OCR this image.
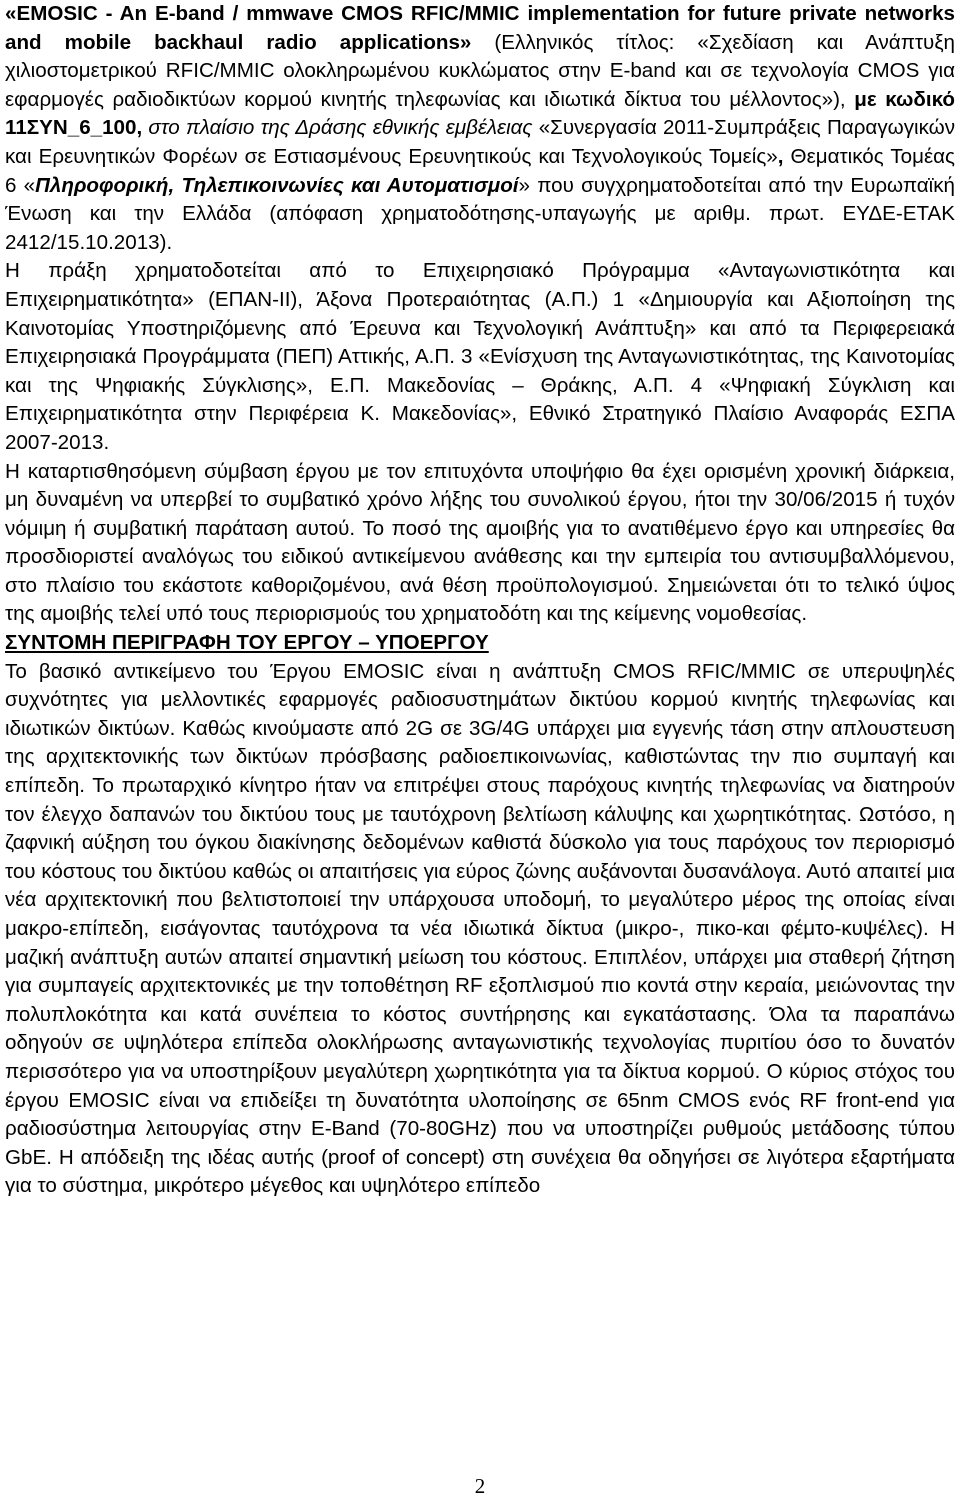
«EMOSIC - An E-band / mmwave CMOS RFIC/MMIC implementation for future private networks and mobile backhaul radio applications» (Ελληνικός τίτλος: «Σχεδίαση και Ανάπτυξη χιλιοστομετρικού RFIC/MMIC ολοκληρωμένου κυκλώματος στην E-band και σε τεχνολογία CMOS για εφαρμογές ραδιοδικτύων κορμού κινητής τηλεφωνίας και ιδιωτικά δίκτυα του μέλλοντος»), με κωδικό 11ΣΥΝ_6_100, στο πλαίσιο της Δράσης εθνικής εμβέλειας «Συνεργασία 2011-Συμπράξεις Παραγωγικών και Ερευνητικών Φορέων σε Εστιασμένους Ερευνητικούς και Τεχνολογικούς Τομείς», Θεματικός Τομέας 6 «Πληροφορική, Τηλεπικοινωνίες και Αυτοματισμοί» που συγχρηματοδοτείται από την Ευρωπαϊκή Ένωση και την Ελλάδα (απόφαση χρηματοδότησης-υπαγωγής με αριθμ. πρωτ. ΕΥΔΕ-ΕΤΑΚ 2412/15.10.2013).

Η πράξη χρηματοδοτείται από το Επιχειρησιακό Πρόγραμμα «Ανταγωνιστικότητα και Επιχειρηματικότητα» (ΕΠΑΝ-ΙΙ), Άξονα Προτεραιότητας (Α.Π.) 1 «Δημιουργία και Αξιοποίηση της Καινοτομίας Υποστηριζόμενης από Έρευνα και Τεχνολογική Ανάπτυξη» και από τα Περιφερειακά Επιχειρησιακά Προγράμματα (ΠΕΠ) Αττικής, Α.Π. 3 «Ενίσχυση της Ανταγωνιστικότητας, της Καινοτομίας και της Ψηφιακής Σύγκλισης», Ε.Π. Μακεδονίας – Θράκης, Α.Π. 4 «Ψηφιακή Σύγκλιση και Επιχειρηματικότητα στην Περιφέρεια Κ. Μακεδονίας», Εθνικό Στρατηγικό Πλαίσιο Αναφοράς ΕΣΠΑ 2007-2013.

Η καταρτισθησόμενη σύμβαση έργου με τον επιτυχόντα υποψήφιο θα έχει ορισμένη χρονική διάρκεια, μη δυναμένη να υπερβεί το συμβατικό χρόνο λήξης του συνολικού έργου, ήτοι την 30/06/2015 ή τυχόν νόμιμη ή συμβατική παράταση αυτού. Το ποσό της αμοιβής για το ανατιθέμενο έργο και υπηρεσίες θα προσδιοριστεί αναλόγως του ειδικού αντικείμενου ανάθεσης και την εμπειρία του αντισυμβαλλόμενου, στο πλαίσιο του εκάστοτε καθοριζομένου, ανά θέση προϋπολογισμού. Σημειώνεται ότι το τελικό ύψος της αμοιβής τελεί υπό τους περιορισμούς του χρηματοδότη και της κείμενης νομοθεσίας.

ΣΥΝΤΟΜΗ ΠΕΡΙΓΡΑΦΗ ΤΟΥ ΕΡΓΟΥ – ΥΠΟΕΡΓΟΥ

Το βασικό αντικείμενο του Έργου EMOSIC είναι η ανάπτυξη CMOS RFIC/MMIC σε υπερυψηλές συχνότητες για μελλοντικές εφαρμογές ραδιοσυστημάτων δικτύου κορμού κινητής τηλεφωνίας και ιδιωτικών δικτύων. Καθώς κινούμαστε από 2G σε 3G/4G υπάρχει μια εγγενής τάση στην απλουστευση της αρχιτεκτονικής των δικτύων πρόσβασης ραδιοεπικοινωνίας, καθιστώντας την πιο συμπαγή και επίπεδη. Το πρωταρχικό κίνητρο ήταν να επιτρέψει στους παρόχους κινητής τηλεφωνίας να διατηρούν τον έλεγχο δαπανών του δικτύου τους με ταυτόχρονη βελτίωση κάλυψης και χωρητικότητας. Ωστόσο, η ζαφνική αύξηση του όγκου διακίνησης δεδομένων καθιστά δύσκολο για τους παρόχους τον περιορισμό του κόστους του δικτύου καθώς οι απαιτήσεις για εύρος ζώνης αυξάνονται δυσανάλογα. Αυτό απαιτεί μια νέα αρχιτεκτονική που βελτιστοποιεί την υπάρχουσα υποδομή, το μεγαλύτερο μέρος της οποίας είναι μακρο-επίπεδη, εισάγοντας ταυτόχρονα τα νέα ιδιωτικά δίκτυα (μικρο-, πικο-και φέμτο-κυψέλες). Η μαζική ανάπτυξη αυτών απαιτεί σημαντική μείωση του κόστους. Επιπλέον, υπάρχει μια σταθερή ζήτηση για συμπαγείς αρχιτεκτονικές με την τοποθέτηση RF εξοπλισμού πιο κοντά στην κεραία, μειώνοντας την πολυπλοκότητα και κατά συνέπεια το κόστος συντήρησης και εγκατάστασης. Όλα τα παραπάνω οδηγούν σε υψηλότερα επίπεδα ολοκλήρωσης ανταγωνιστικής τεχνολογίας πυριτίου όσο το δυνατόν περισσότερο για να υποστηρίξουν μεγαλύτερη χωρητικότητα για τα δίκτυα κορμού. Ο κύριος στόχος του έργου EMOSIC είναι να επιδείξει τη δυνατότητα υλοποίησης σε 65nm CMOS ενός RF front-end για ραδιοσύστημα λειτουργίας στην E-Band (70-80GHz) που να υποστηρίζει ρυθμούς μετάδοσης τύπου GbE. Η απόδειξη της ιδέας αυτής (proof of concept) στη συνέχεια θα οδηγήσει σε λιγότερα εξαρτήματα για το σύστημα, μικρότερο μέγεθος και υψηλότερο επίπεδο

2
